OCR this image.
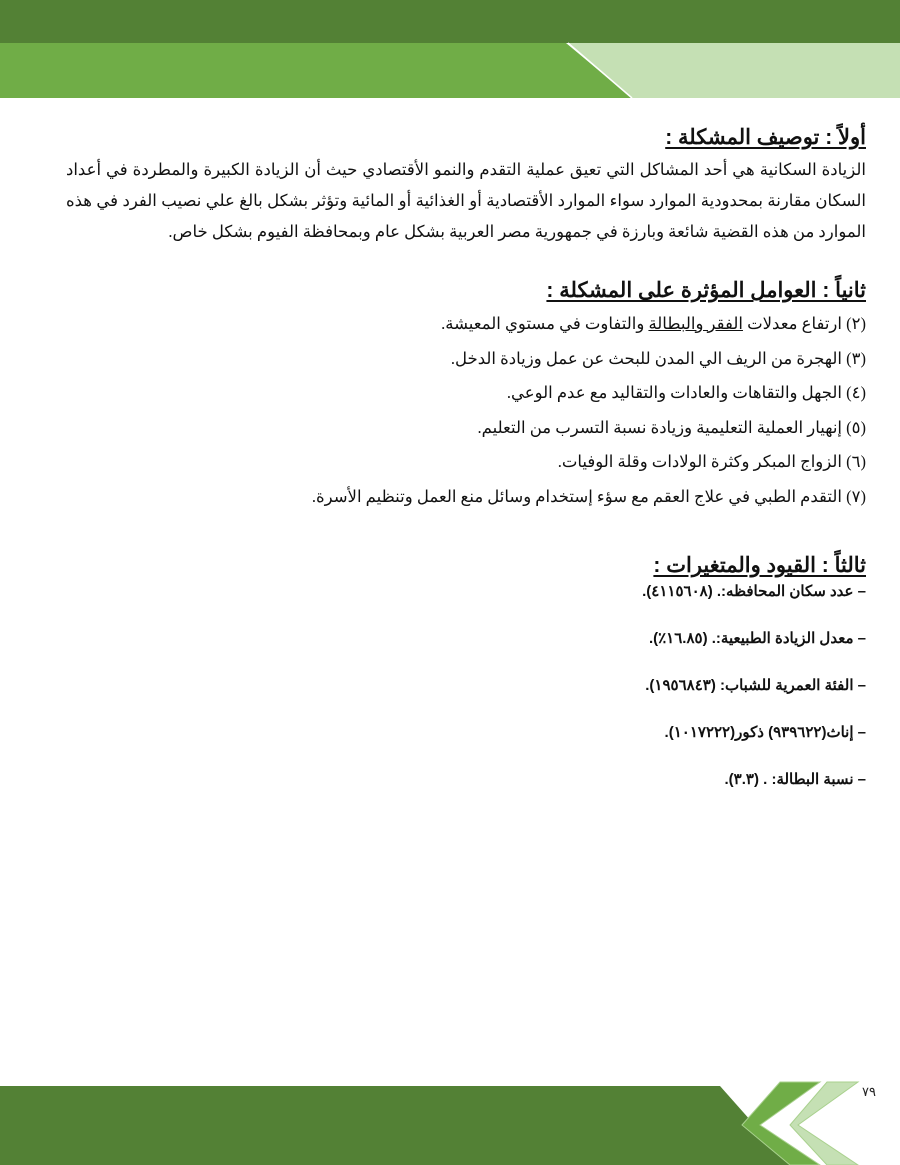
٧٩
أولاً : توصيف المشكلة :

الزيادة السكانية هي أحد المشاكل التي تعيق عملية التقدم والنمو الأقتصادي حيث أن الزيادة الكبيرة والمطردة في أعداد السكان مقارنة بمحدودية الموارد سواء الموارد الأقتصادية أو الغذائية أو المائية وتؤثر بشكل بالغ علي نصيب الفرد في هذه الموارد من هذه القضية شائعة وبارزة في جمهورية مصر العربية بشكل عام وبمحافظة الفيوم بشكل خاص.

ثانياً : العوامل المؤثرة على المشكلة :
(٢) ارتفاع معدلات الفقر والبطالة والتفاوت في مستوي المعيشة.
(٣) الهجرة من الريف الي المدن للبحث عن عمل وزيادة الدخل.
(٤) الجهل والتقاهات والعادات والتقاليد مع عدم الوعي.
(٥) إنهيار العملية التعليمية وزيادة نسبة التسرب من التعليم.
(٦) الزواج المبكر وكثرة الولادات وقلة الوفيات.
(٧) التقدم الطبي في علاج العقم مع سؤء إستخدام وسائل منع العمل وتنظيم الأسرة.
ثالثاً : القيود والمتغيرات :
– عدد سكان المحافظه:. (٤١١٥٦٠٨).
– معدل الزيادة الطبيعية:. (١٦.٨٥٪).
– الفئة العمرية للشباب: (١٩٥٦٨٤٣).
– إناث(٩٣٩٦٢٢) ذكور(١٠١٧٢٢٢).
– نسبة البطالة: . (٣.٣).
